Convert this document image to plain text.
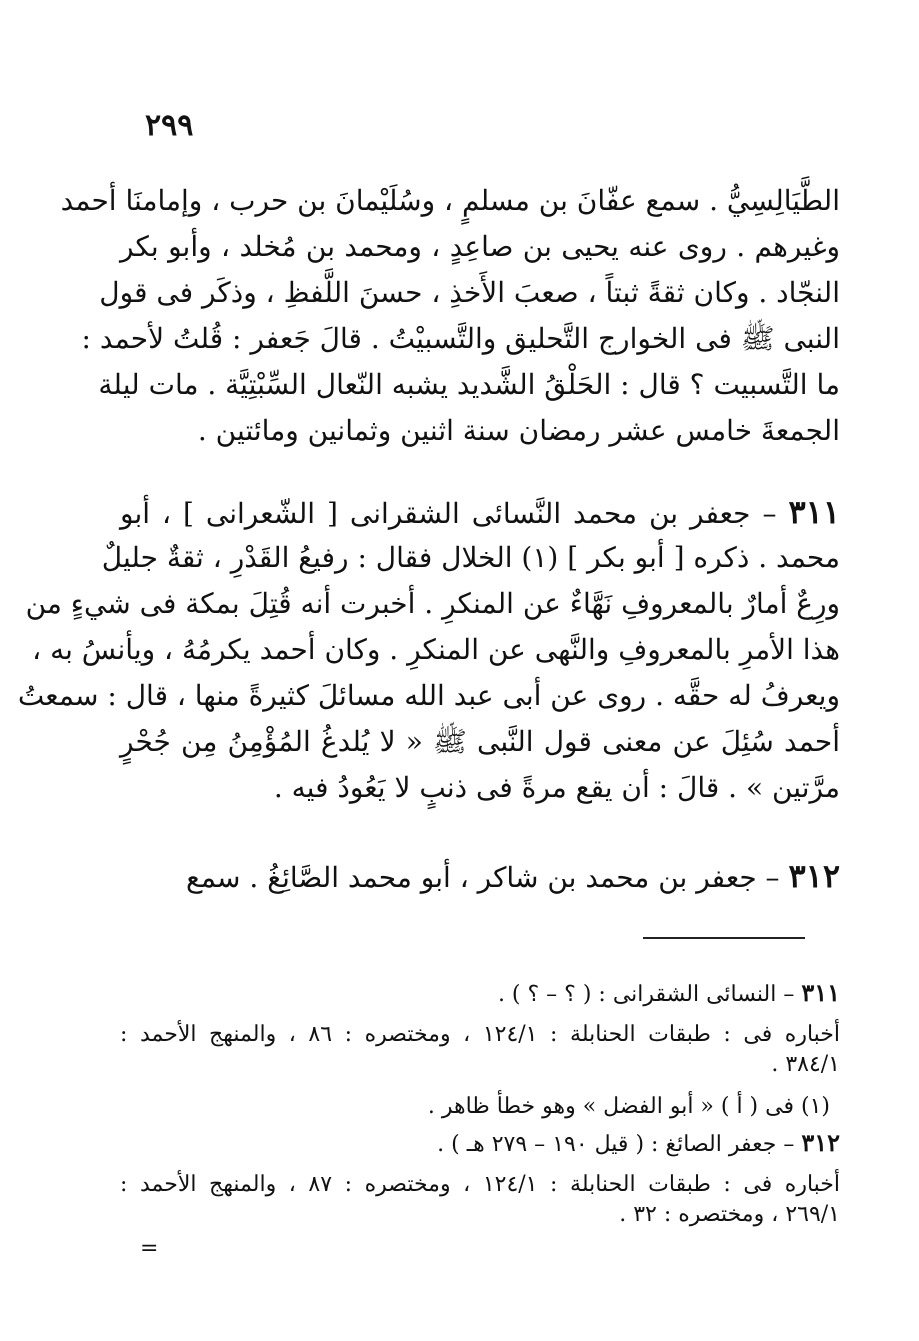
٢٩٩
الطَّيَالِسِيُّ . سمع عفّانَ بن مسلمٍ ، وسُلَيْمانَ بن حرب ، وإمامنَا أحمد
وغيرهم . روى عنه يحيى بن صاعِدٍ ، ومحمد بن مُخلد ، وأبو بكر
النجّاد . وكان ثقةً ثبتاً ، صعبَ الأَخذِ ، حسنَ اللَّفظِ ، وذكَر فى قول
النبى ﷺ فى الخوارج التَّحليق والتَّسبيْتُ . قالَ جَعفر : قُلتُ لأحمد :
ما التَّسبيت ؟ قال : الحَلْقُ الشَّديد يشبه النّعال السِّبْتِيَّة . مات ليلة
الجمعةَ خامس عشر رمضان سنة اثنين وثمانين ومائتين .
٣١١ – جعفر بن محمد النَّسائى الشقرانى [ الشّعرانى ] ، أبو
محمد . ذكره [ أبو بكر ] (١) الخلال فقال : رفيعُ القَدْرِ ، ثقةٌ جليلٌ
ورِعٌ أمارٌ بالمعروفِ نَهَّاءٌ عن المنكرِ . أخبرت أنه قُتِلَ بمكة فى شيءٍ من
هذا الأمرِ بالمعروفِ والنَّهى عن المنكرِ . وكان أحمد يكرمُهُ ، ويأنسُ به ،
ويعرفُ له حقَّه . روى عن أبى عبد الله مسائلَ كثيرةً منها ، قال : سمعتُ
أحمد سُئِلَ عن معنى قول النَّبى ﷺ « لا يُلدغُ المُؤْمِنُ مِن جُحْرٍ
مرَّتين » . قالَ : أن يقع مرةً فى ذنبٍ لا يَعُودُ فيه .
٣١٢ – جعفر بن محمد بن شاكر ، أبو محمد الصَّائِغُ . سمع
٣١١ – النسائى الشقرانى : ( ؟ – ؟ ) .
أخباره فى : طبقات الحنابلة : ١٢٤/١ ، ومختصره : ٨٦ ، والمنهج الأحمد :
٣٨٤/١ .
(١) فى ( أ ) « أبو الفضل » وهو خطأ ظاهر .
٣١٢ – جعفر الصائغ : ( قيل ١٩٠ – ٢٧٩ هـ ) .
أخباره فى : طبقات الحنابلة : ١٢٤/١ ، ومختصره : ٨٧ ، والمنهج الأحمد :
٢٦٩/١ ، ومختصره : ٣٢ .
=
